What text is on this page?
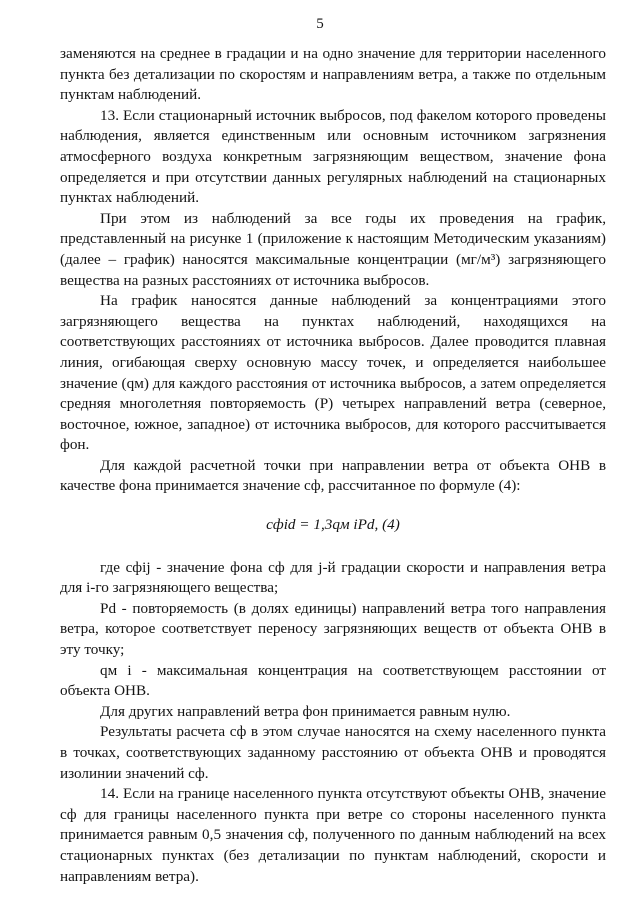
5

заменяются на среднее в градации и на одно значение для территории населенного пункта без детализации по скоростям и направлениям ветра, а также по отдельным пунктам наблюдений.

13. Если стационарный источник выбросов, под факелом которого проведены наблюдения, является единственным или основным источником загрязнения атмосферного воздуха конкретным загрязняющим веществом, значение фона определяется и при отсутствии данных регулярных наблюдений на стационарных пунктах наблюдений.

При этом из наблюдений за все годы их проведения на график, представленный на рисунке 1 (приложение к настоящим Методическим указаниям) (далее – график) наносятся максимальные концентрации (мг/м³) загрязняющего вещества на разных расстояниях от источника выбросов.

На график наносятся данные наблюдений за концентрациями этого загрязняющего вещества на пунктах наблюдений, находящихся на соответствующих расстояниях от источника выбросов. Далее проводится плавная линия, огибающая сверху основную массу точек, и определяется наибольшее значение (qм) для каждого расстояния от источника выбросов, а затем определяется средняя многолетняя повторяемость (P) четырех направлений ветра (северное, восточное, южное, западное) от источника выбросов, для которого рассчитывается фон.

Для каждой расчетной точки при направлении ветра от объекта ОНВ в качестве фона принимается значение cф, рассчитанное по формуле (4):

cфid = 1,3qм iPd, (4)

где cфij - значение фона cф для j-й градации скорости и направления ветра для i-го загрязняющего вещества;

Pd - повторяемость (в долях единицы) направлений ветра того направления ветра, которое соответствует переносу загрязняющих веществ от объекта ОНВ в эту точку;

qм i - максимальная концентрация на соответствующем расстоянии от объекта ОНВ.

Для других направлений ветра фон принимается равным нулю.

Результаты расчета cф в этом случае наносятся на схему населенного пункта в точках, соответствующих заданному расстоянию от объекта ОНВ и проводятся изолинии значений cф.

14. Если на границе населенного пункта отсутствуют объекты ОНВ, значение cф для границы населенного пункта при ветре со стороны населенного пункта принимается равным 0,5 значения cф, полученного по данным наблюдений на всех стационарных пунктах (без детализации по пунктам наблюдений, скорости и направлениям ветра).
